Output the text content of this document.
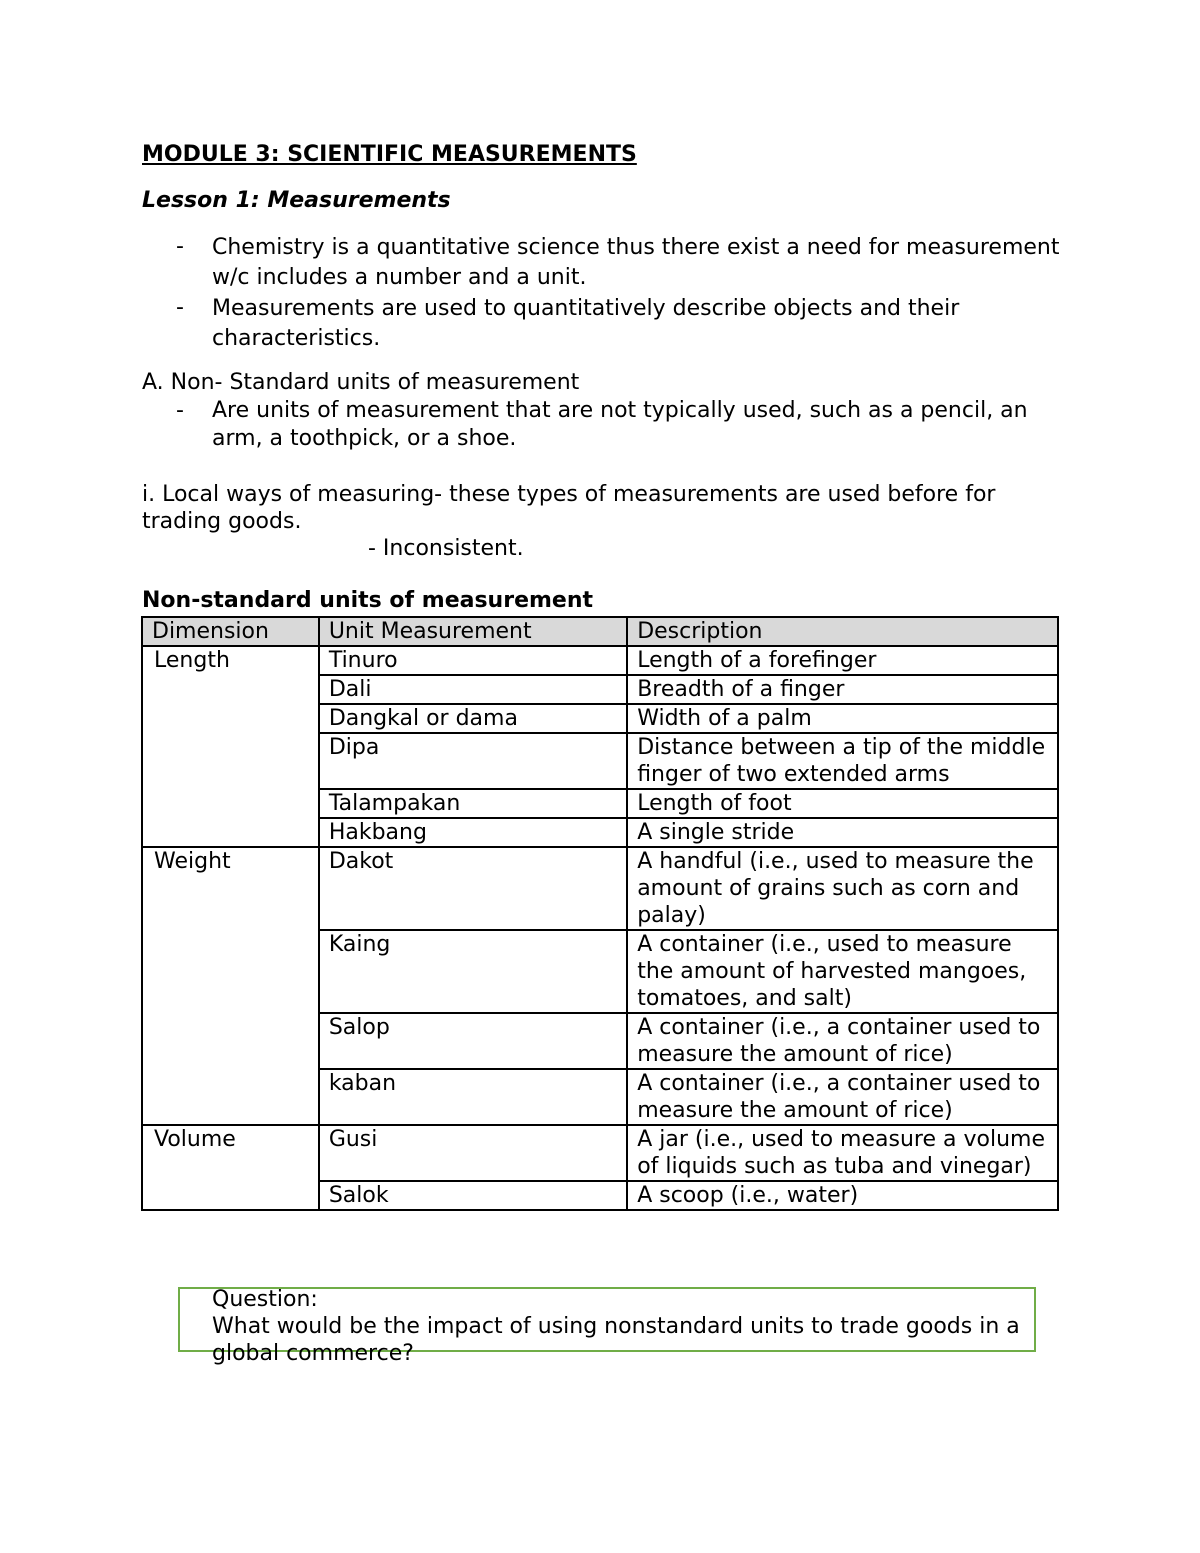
MODULE 3: SCIENTIFIC MEASUREMENTS
Lesson 1: Measurements
- Chemistry is a quantitative science thus there exist a need for measurement w/c includes a number and a unit.
- Measurements are used to quantitatively describe objects and their characteristics.
A. Non- Standard units of measurement
- Are units of measurement that are not typically used, such as a pencil, an arm, a toothpick, or a shoe.
i. Local ways of measuring- these types of measurements are used before for trading goods.
- Inconsistent.
Non-standard units of measurement
Dimension	Unit Measurement	Description
Length	Tinuro	Length of a forefinger
	Dali	Breadth of a finger
	Dangkal or dama	Width of a palm
	Dipa	Distance between a tip of the middle finger of two extended arms
	Talampakan	Length of foot
	Hakbang	A single stride
Weight	Dakot	A handful (i.e., used to measure the amount of grains such as corn and palay)
	Kaing	A container (i.e., used to measure the amount of harvested mangoes, tomatoes, and salt)
	Salop	A container (i.e., a container used to measure the amount of rice)
	kaban	A container (i.e., a container used to measure the amount of rice)
Volume	Gusi	A jar (i.e., used to measure a volume of liquids such as tuba and vinegar)
	Salok	A scoop (i.e., water)
Question:
What would be the impact of using nonstandard units to trade goods in a global commerce?
